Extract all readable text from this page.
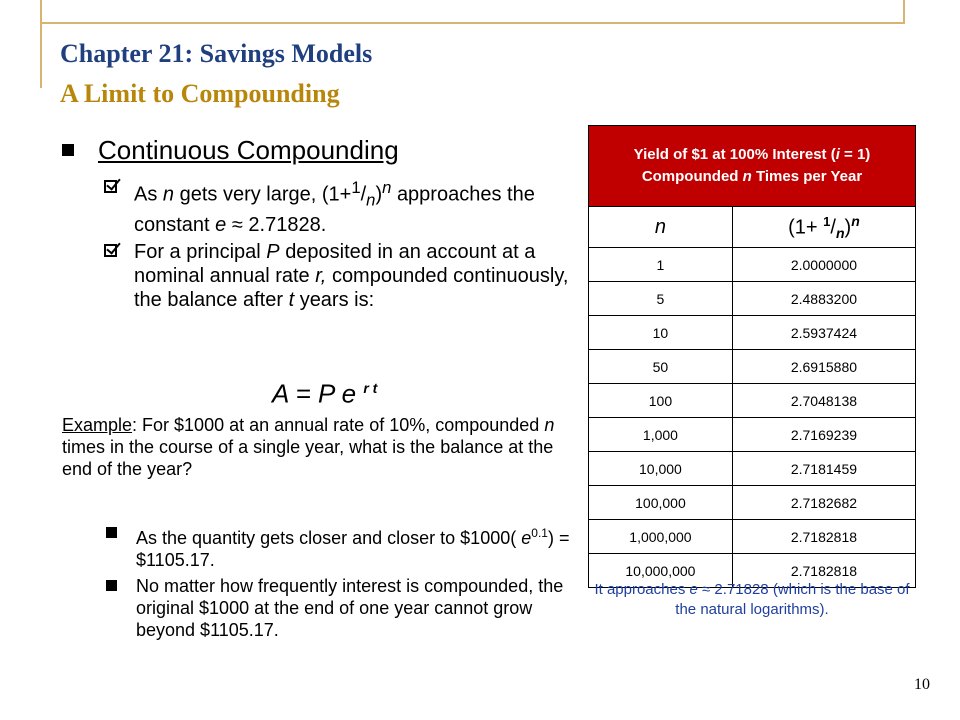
Chapter 21: Savings Models
A Limit to Compounding
Continuous Compounding
As n gets very large, $(1+^1/_n)^n$ approaches the constant e ≈ 2.71828.
For a principal P deposited in an account at a nominal annual rate r, compounded continuously, the balance after t years is:
A = P e $^{r t}$
Example: For $1000 at an annual rate of 10%, compounded n times in the course of a single year, what is the balance at the end of the year?
As the quantity gets closer and closer to $1000( $e^{0.1}$) = $1105.17.
No matter how frequently interest is compounded, the original $1000 at the end of one year cannot grow beyond $1105.17.
Yield of $1 at 100% Interest (i = 1) Compounded n Times per Year	
n	$(1+ ^1/_n)^n$
1	2.0000000
5	2.4883200
10	2.5937424
50	2.6915880
100	2.7048138
1,000	2.7169239
10,000	2.7181459
100,000	2.7182682
1,000,000	2.7182818
10,000,000	2.7182818
It approaches e ≈ 2.71828 (which is the base of the natural logarithms).
10
